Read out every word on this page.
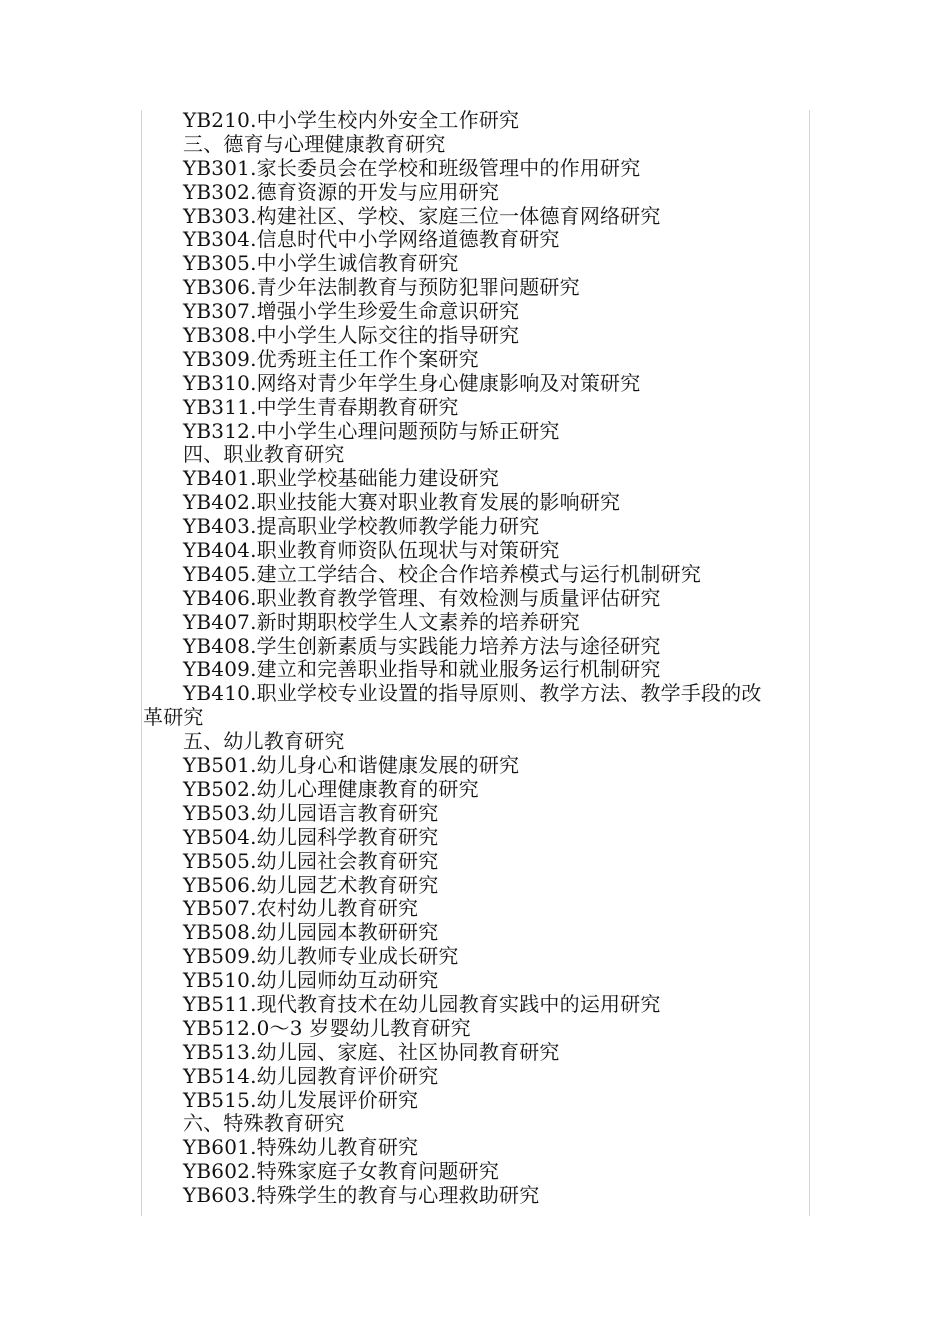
YB210.中小学生校内外安全工作研究
三、德育与心理健康教育研究
YB301.家长委员会在学校和班级管理中的作用研究
YB302.德育资源的开发与应用研究
YB303.构建社区、学校、家庭三位一体德育网络研究
YB304.信息时代中小学网络道德教育研究
YB305.中小学生诚信教育研究
YB306.青少年法制教育与预防犯罪问题研究
YB307.增强小学生珍爱生命意识研究
YB308.中小学生人际交往的指导研究
YB309.优秀班主任工作个案研究
YB310.网络对青少年学生身心健康影响及对策研究
YB311.中学生青春期教育研究
YB312.中小学生心理问题预防与矫正研究
四、职业教育研究
YB401.职业学校基础能力建设研究
YB402.职业技能大赛对职业教育发展的影响研究
YB403.提高职业学校教师教学能力研究
YB404.职业教育师资队伍现状与对策研究
YB405.建立工学结合、校企合作培养模式与运行机制研究
YB406.职业教育教学管理、有效检测与质量评估研究
YB407.新时期职校学生人文素养的培养研究
YB408.学生创新素质与实践能力培养方法与途径研究
YB409.建立和完善职业指导和就业服务运行机制研究
YB410.职业学校专业设置的指导原则、教学方法、教学手段的改
革研究
五、幼儿教育研究
YB501.幼儿身心和谐健康发展的研究
YB502.幼儿心理健康教育的研究
YB503.幼儿园语言教育研究
YB504.幼儿园科学教育研究
YB505.幼儿园社会教育研究
YB506.幼儿园艺术教育研究
YB507.农村幼儿教育研究
YB508.幼儿园园本教研研究
YB509.幼儿教师专业成长研究
YB510.幼儿园师幼互动研究
YB511.现代教育技术在幼儿园教育实践中的运用研究
YB512.0～3 岁婴幼儿教育研究
YB513.幼儿园、家庭、社区协同教育研究
YB514.幼儿园教育评价研究
YB515.幼儿发展评价研究
六、特殊教育研究
YB601.特殊幼儿教育研究
YB602.特殊家庭子女教育问题研究
YB603.特殊学生的教育与心理救助研究
